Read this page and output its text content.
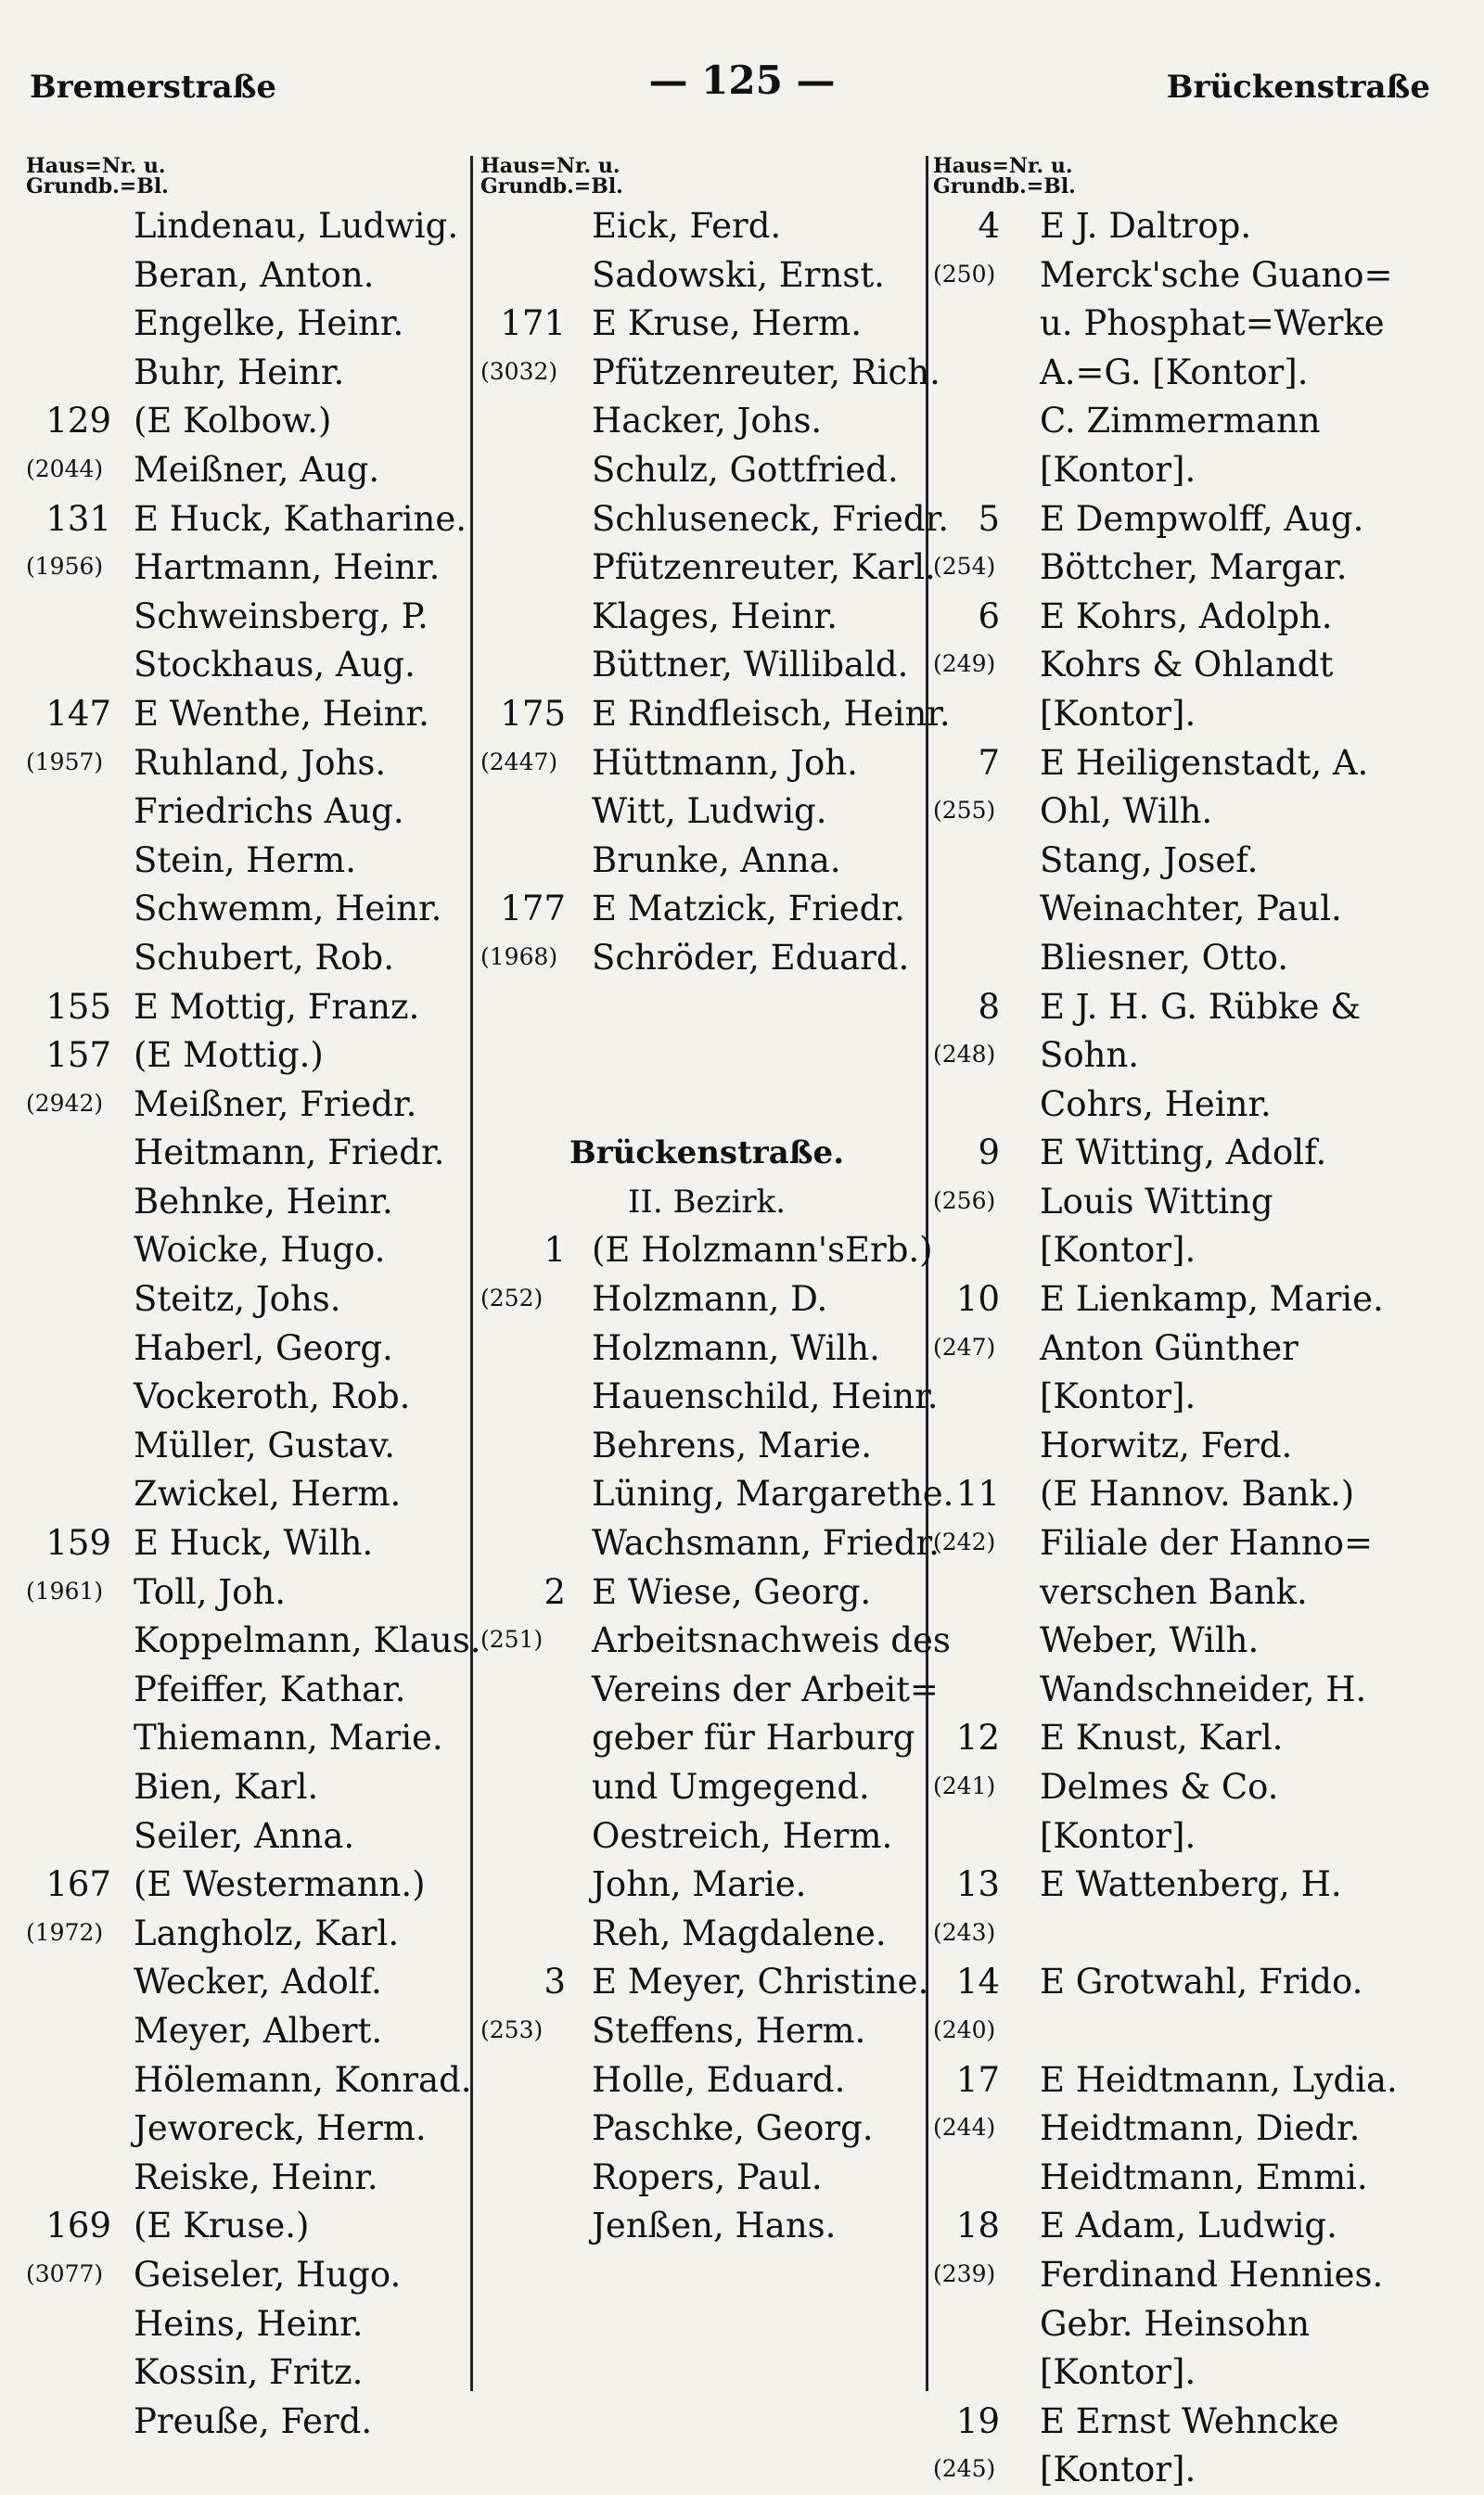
Bremerstraße	— 125 —	Brückenstraße
Haus=Nr. u.
Grundb.=Bl.
Lindenau, Ludwig.
Beran, Anton.
Engelke, Heinr.
Buhr, Heinr.
129 (E Kolbow.)
(2044) Meißner, Aug.
131 E Huck, Katharine.
(1956) Hartmann, Heinr.
Schweinsberg, P.
Stockhaus, Aug.
147 E Wenthe, Heinr.
(1957) Ruhland, Johs.
Friedrichs Aug.
Stein, Herm.
Schwemm, Heinr.
Schubert, Rob.
155 E Mottig, Franz.
157 (E Mottig.)
(2942) Meißner, Friedr.
Heitmann, Friedr.
Behnke, Heinr.
Woicke, Hugo.
Steitz, Johs.
Haberl, Georg.
Vockeroth, Rob.
Müller, Gustav.
Zwickel, Herm.
159 E Huck, Wilh.
(1961) Toll, Joh.
Koppelmann, Klaus.
Pfeiffer, Kathar.
Thiemann, Marie.
Bien, Karl.
Seiler, Anna.
167 (E Westermann.)
(1972) Langholz, Karl.
Wecker, Adolf.
Meyer, Albert.
Hölemann, Konrad.
Jeworeck, Herm.
Reiske, Heinr.
169 (E Kruse.)
(3077) Geiseler, Hugo.
Heins, Heinr.
Kossin, Fritz.
Preuße, Ferd.
Haus=Nr. u.
Grundb.=Bl.
Eick, Ferd.
Sadowski, Ernst.
171 E Kruse, Herm.
(3032) Pfützenreuter, Rich.
Hacker, Johs.
Schulz, Gottfried.
Schluseneck, Friedr.
Pfützenreuter, Karl.
Klages, Heinr.
Büttner, Willibald.
175 E Rindfleisch, Heinr.
(2447) Hüttmann, Joh.
Witt, Ludwig.
Brunke, Anna.
177 E Matzick, Friedr.
(1968) Schröder, Eduard.
Brückenstraße.
II. Bezirk.
1 (E Holzmann'sErb.)
(252) Holzmann, D.
Holzmann, Wilh.
Hauenschild, Heinr.
Behrens, Marie.
Lüning, Margarethe.
Wachsmann, Friedr.
2 E Wiese, Georg.
(251) Arbeitsnachweis des
Vereins der Arbeit=
geber für Harburg
und Umgegend.
Oestreich, Herm.
John, Marie.
Reh, Magdalene.
3 E Meyer, Christine.
(253) Steffens, Herm.
Holle, Eduard.
Paschke, Georg.
Ropers, Paul.
Jenßen, Hans.
Haus=Nr. u.
Grundb.=Bl.
4 E J. Daltrop.
(250) Merck'sche Guano=
u. Phosphat=Werke
A.=G. [Kontor].
C. Zimmermann
[Kontor].
5 E Dempwolff, Aug.
(254) Böttcher, Margar.
6 E Kohrs, Adolph.
(249) Kohrs & Ohlandt
[Kontor].
7 E Heiligenstadt, A.
(255) Ohl, Wilh.
Stang, Josef.
Weinachter, Paul.
Bliesner, Otto.
8 E J. H. G. Rübke &
(248) Sohn.
Cohrs, Heinr.
9 E Witting, Adolf.
(256) Louis Witting
[Kontor].
10 E Lienkamp, Marie.
(247) Anton Günther
[Kontor].
Horwitz, Ferd.
11 (E Hannov. Bank.)
(242) Filiale der Hanno=
verschen Bank.
Weber, Wilh.
Wandschneider, H.
12 E Knust, Karl.
(241) Delmes & Co.
[Kontor].
13 E Wattenberg, H.
(243)
14 E Grotwahl, Frido.
(240)
17 E Heidtmann, Lydia.
(244) Heidtmann, Diedr.
Heidtmann, Emmi.
18 E Adam, Ludwig.
(239) Ferdinand Hennies.
Gebr. Heinsohn
[Kontor].
19 E Ernst Wehncke
(245) [Kontor].
